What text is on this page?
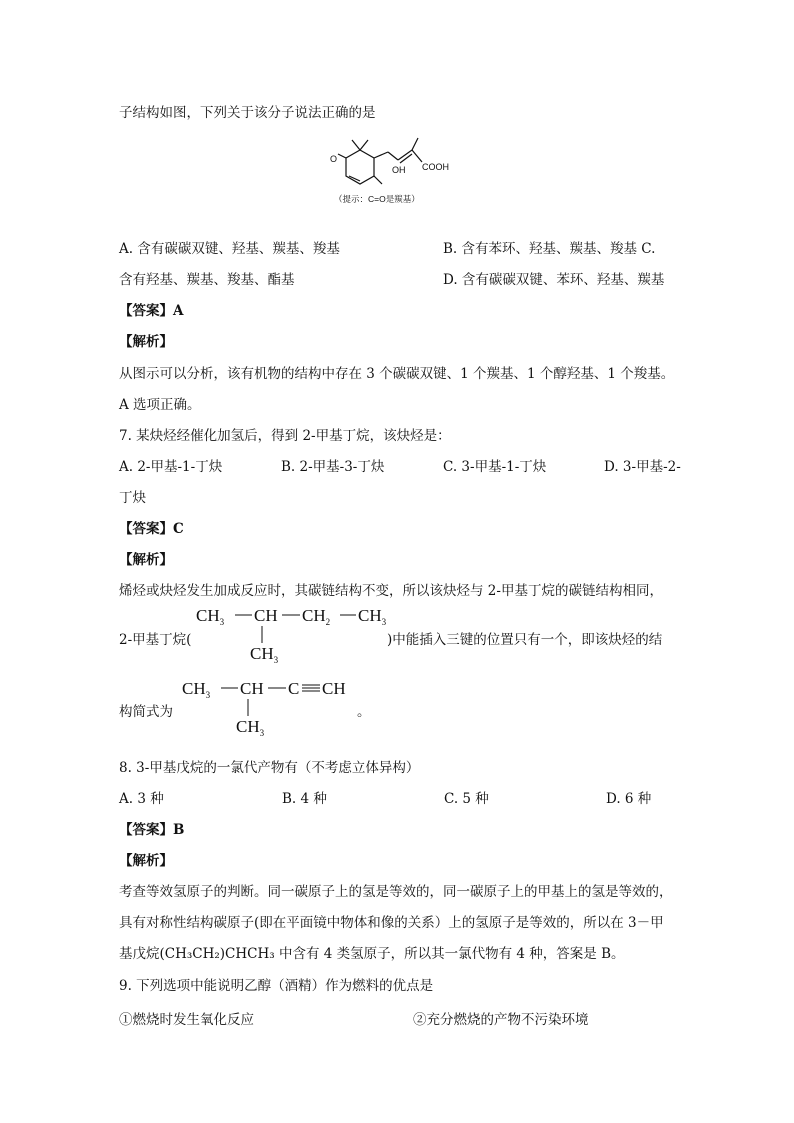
子结构如图，下列关于该分子说法正确的是
O
OH COOH
（提示：C=O是羰基）
A. 含有碳碳双键、羟基、羰基、羧基	B. 含有苯环、羟基、羰基、羧基 C.
含有羟基、羰基、羧基、酯基	D. 含有碳碳双键、苯环、羟基、羰基
【答案】A
【解析】
从图示可以分析，该有机物的结构中存在 3 个碳碳双键、1 个羰基、1 个醇羟基、1 个羧基。
A 选项正确。
7. 某炔烃经催化加氢后，得到 2-甲基丁烷，该炔烃是：
A. 2-甲基-1-丁炔	B. 2-甲基-3-丁炔	C. 3-甲基-1-丁炔	D. 3-甲基-2-
丁炔
【答案】C
【解析】
烯烃或炔烃发生加成反应时，其碳链结构不变，所以该炔烃与 2-甲基丁烷的碳链结构相同，
2-甲基丁烷(
$CH_3$ CH $CH_2$ $CH_3$
$CH_3$
)中能插入三键的位置只有一个，即该炔烃的结
构简式为
$CH_3$ CH C CH
$CH_3$
。
8. 3-甲基戊烷的一氯代产物有（不考虑立体异构）
A. 3 种	B. 4 种	C. 5 种	D. 6 种
【答案】B
【解析】
考查等效氢原子的判断。同一碳原子上的氢是等效的，同一碳原子上的甲基上的氢是等效的，
具有对称性结构碳原子(即在平面镜中物体和像的关系）上的氢原子是等效的，所以在 3－甲
基戊烷(CH₃CH₂)CHCH₃ 中含有 4 类氢原子，所以其一氯代物有 4 种，答案是 B。
9. 下列选项中能说明乙醇（酒精）作为燃料的优点是
①燃烧时发生氧化反应	②充分燃烧的产物不污染环境
